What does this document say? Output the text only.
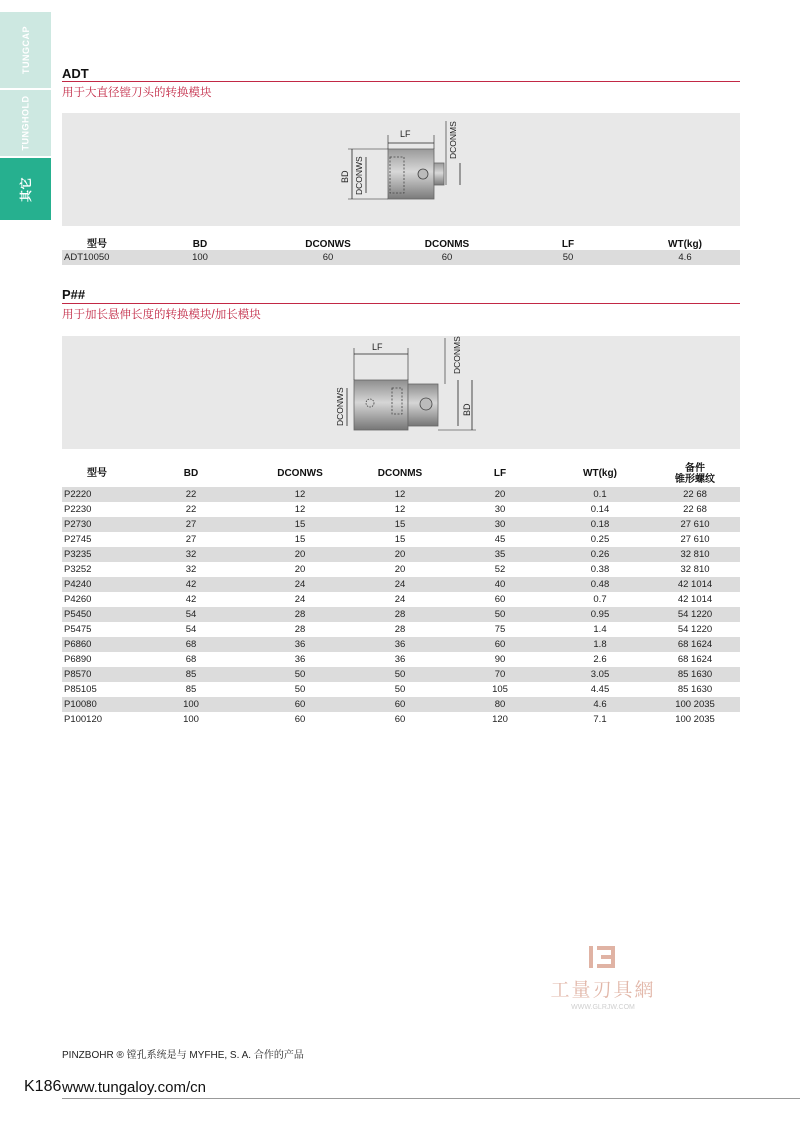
TUNGCAP
TUNGHOLD
其它
ADT
用于大直径镗刀头的转换模块
LF	DCONMS
BD DCONWS
型号	BD	DCONWS	DCONMS	LF	WT(kg)
ADT10050	100	60	60	50	4.6
P##
用于加长悬伸长度的转换模块/加长模块
LF	DCONMS
BD
DCONWS
型号	BD	DCONWS	DCONMS	LF	WT(kg)	备件
锥形螺纹

P2220	22	12	12	20	0.1	22 68
P2230	22	12	12	30	0.14	22 68
P2730	27	15	15	30	0.18	27 610
P2745	27	15	15	45	0.25	27 610
P3235	32	20	20	35	0.26	32 810
P3252	32	20	20	52	0.38	32 810
P4240	42	24	24	40	0.48	42 1014
P4260	42	24	24	60	0.7	42 1014
P5450	54	28	28	50	0.95	54 1220
P5475	54	28	28	75	1.4	54 1220
P6860	68	36	36	60	1.8	68 1624
P6890	68	36	36	90	2.6	68 1624
P8570	85	50	50	70	3.05	85 1630
P85105	85	50	50	105	4.45	85 1630
P10080	100	60	60	80	4.6	100 2035
P100120	100	60	60	120	7.1	100 2035
工量刃具網
WWW.GLRJW.COM
PINZBOHR ® 镗孔系统是与 MYFHE, S. A. 合作的产品
K186 www.tungaloy.com/cn
